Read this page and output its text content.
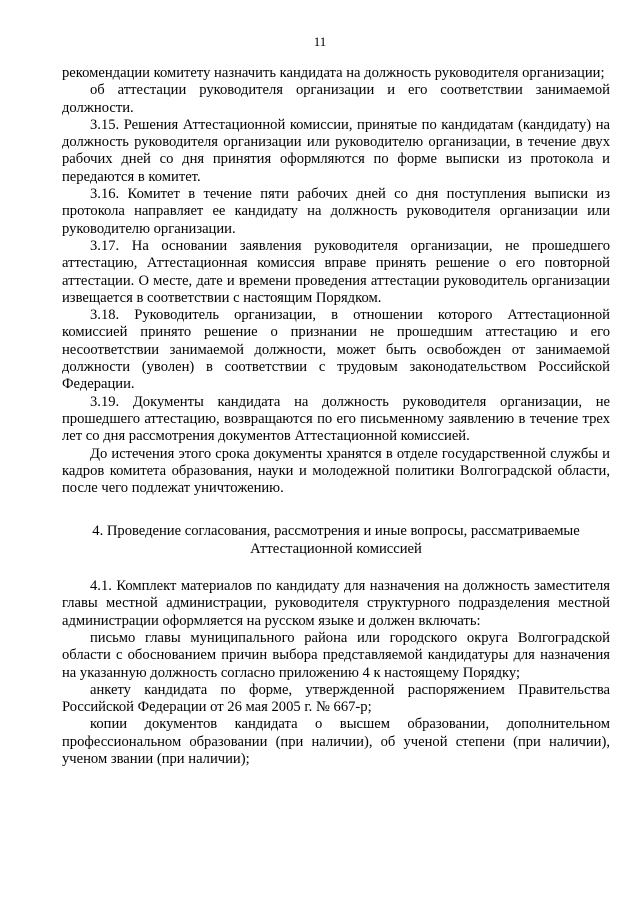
11

рекомендации комитету назначить кандидата на должность руководителя организации;

об аттестации руководителя организации и его соответствии занимаемой должности.

3.15. Решения Аттестационной комиссии, принятые по кандидатам (кандидату) на должность руководителя организации или руководителю организации, в течение двух рабочих дней со дня принятия оформляются по форме выписки из протокола и передаются в комитет.

3.16. Комитет в течение пяти рабочих дней со дня поступления выписки из протокола направляет ее кандидату на должность руководителя организации или руководителю организации.

3.17. На основании заявления руководителя организации, не прошедшего аттестацию, Аттестационная комиссия вправе принять решение о его повторной аттестации. О месте, дате и времени проведения аттестации руководитель организации извещается в соответствии с настоящим Порядком.

3.18. Руководитель организации, в отношении которого Аттестационной комиссией принято решение о признании не прошедшим аттестацию и его несоответствии занимаемой должности, может быть освобожден от занимаемой должности (уволен) в соответствии с трудовым законодательством Российской Федерации.

3.19. Документы кандидата на должность руководителя организации, не прошедшего аттестацию, возвращаются по его письменному заявлению в течение трех лет со дня рассмотрения документов Аттестационной комиссией.

До истечения этого срока документы хранятся в отделе государственной службы и кадров комитета образования, науки и молодежной политики Волгоградской области, после чего подлежат уничтожению.

4. Проведение согласования, рассмотрения и иные вопросы, рассматриваемые
Аттестационной комиссией

4.1. Комплект материалов по кандидату для назначения на должность заместителя главы местной администрации, руководителя структурного подразделения местной администрации оформляется на русском языке и должен включать:

письмо главы муниципального района или городского округа Волгоградской области с обоснованием причин выбора представляемой кандидатуры для назначения на указанную должность согласно приложению 4 к настоящему Порядку;

анкету кандидата по форме, утвержденной распоряжением Правительства Российской Федерации от 26 мая 2005 г. № 667-р;

копии документов кандидата о высшем образовании, дополнительном профессиональном образовании (при наличии), об ученой степени (при наличии), ученом звании (при наличии);
